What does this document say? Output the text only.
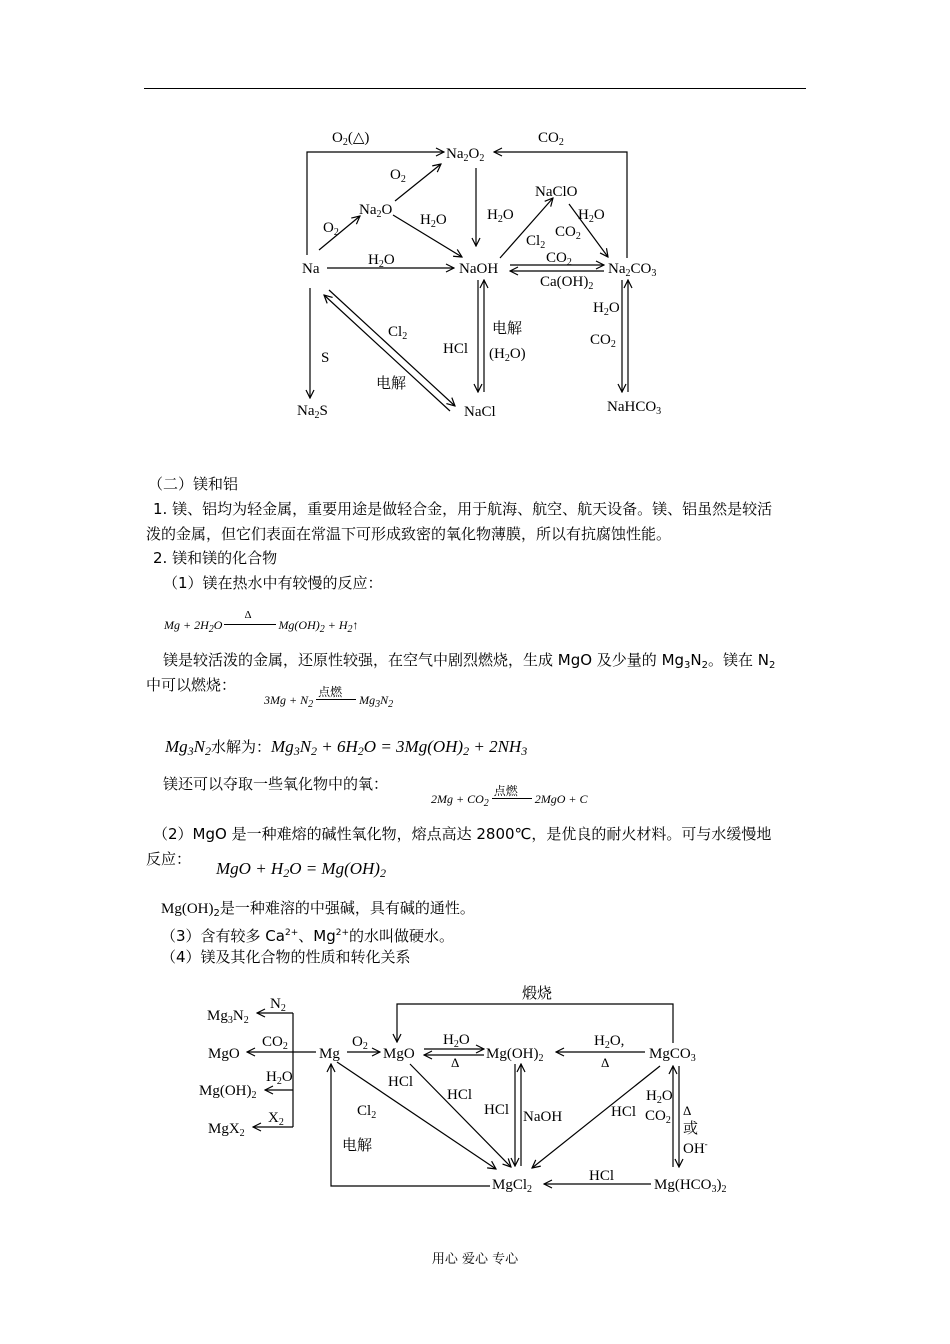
Na
$Na_2O$
$Na_2O_2$
NaOH
NaClO
$Na_2CO_3$
NaHCO$_3$
$Na_2S$	NaCl
$O_2(\triangle)$	$CO_2$
$O_2$
$O_2$
$H_2O$
$H_2O$
$H_2O$	$H_2O$
$Cl_2$
$CO_2$
$CO_2$
$Ca(OH)_2$
S
$Cl_2$
电解
HCl
电解
$(H_2O)$
$H_2O$
$CO_2$
（二）镁和铝
1. 镁、铝均为轻金属，重要用途是做轻合金，用于航海、航空、航天设备。镁、铝虽然是较活
泼的金属，但它们表面在常温下可形成致密的氧化物薄膜，所以有抗腐蚀性能。
2. 镁和镁的化合物
（1）镁在热水中有较慢的反应：
$Mg + 2H_2O$
Δ
$Mg(OH)_2$ + $H_2↑$
镁是较活泼的金属，还原性较强，在空气中剧烈燃烧，生成 MgO 及少量的 $Mg_3N_2$。镁在 $N_2$
中可以燃烧：
$3Mg + N_2$
点燃
$Mg_3N_2$
$Mg_3N_2$水解为：$Mg_3N_2 + 6H_2O = 3Mg(OH)_2 + 2NH_3$
镁还可以夺取一些氧化物中的氧：
$2Mg + CO_2$
点燃
2MgO + C
（2）MgO 是一种难熔的碱性氧化物，熔点高达 2800℃，是优良的耐火材料。可与水缓慢地
反应： MgO + $H_2O = Mg(OH)_2$
$Mg(OH)_2$是一种难溶的中强碱，具有碱的通性。
（3）含有较多 $Ca^{2+}$、$Mg^{2+}$的水叫做硬水。
（4）镁及其化合物的性质和转化关系
$Mg_3N_2$
MgO
$Mg(OH)_2$
MgX$_2$
Mg	MgO	$Mg(OH)_2$	MgCO$_3$
MgCl$_2$	$Mg(HCO_3)_2$
煅烧
$N_2$
$CO_2$
$H_2O$
$X_2$
$O_2$	$H_2O$
Δ
$H_2O$,
Δ
HCl
HCl
$Cl_2$	HCl NaOH	HCl
$H_2O$
$CO_2$
Δ
或
OH-
电解
HCl
用心 爱心 专心
